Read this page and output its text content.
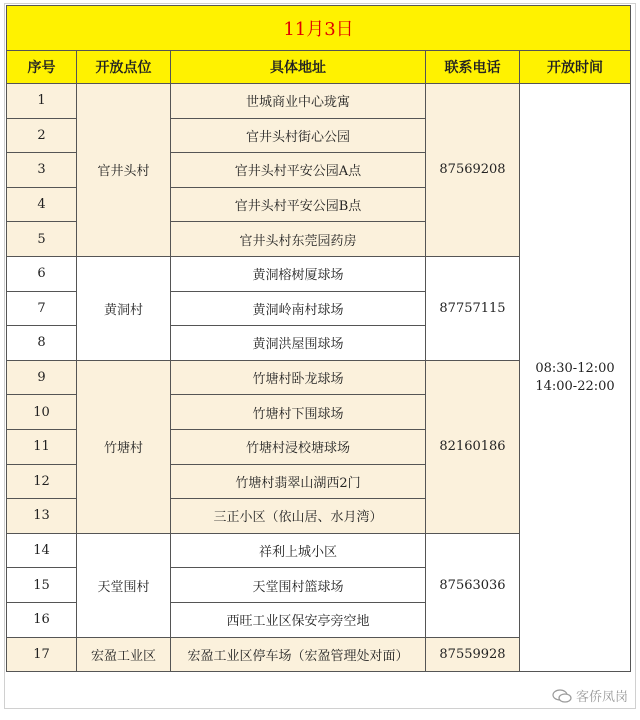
11月3日				
序号	开放点位	具体地址	联系电话	开放时间
1	官井头村	世城商业中心珑寓	87569208	08:30-12:00
14:00-22:00

2		官井头村街心公园		
3		官井头村平安公园A点		
4		官井头村平安公园B点		
5		官井头村东莞园药房		
6	黄洞村	黄洞榕树厦球场	87757115	
7		黄洞岭南村球场		
8		黄洞洪屋围球场		
9	竹塘村	竹塘村卧龙球场	82160186	
10		竹塘村下围球场		
11		竹塘村浸校塘球场		
12		竹塘村翡翠山湖西2门		
13		三正小区（依山居、水月湾）		
14	天堂围村	祥利上城小区	87563036	
15		天堂围村篮球场		
16		西旺工业区保安亭旁空地		
17	宏盈工业区	宏盈工业区停车场（宏盈管理处对面）	87559928	
客侨凤岗
